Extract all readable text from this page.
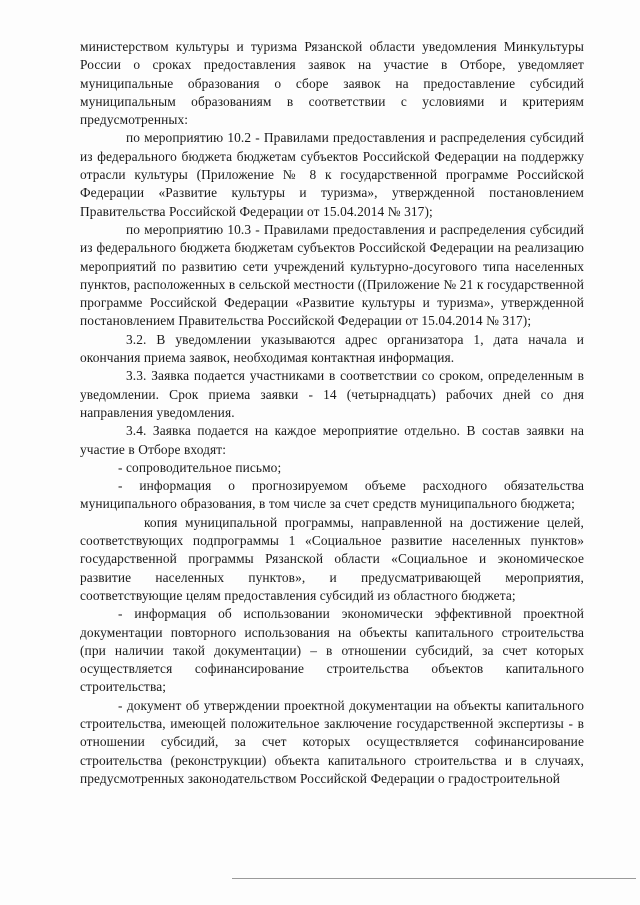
министерством культуры и туризма Рязанской области уведомления Минкультуры России о сроках предоставления заявок на участие в Отборе, уведомляет муниципальные образования о сборе заявок на предоставление субсидий муниципальным образованиям в соответствии с условиями и критериям предусмотренных:

по мероприятию 10.2 - Правилами предоставления и распределения субсидий из федерального бюджета бюджетам субъектов Российской Федерации на поддержку отрасли культуры (Приложение № 8 к государственной программе Российской Федерации «Развитие культуры и туризма», утвержденной постановлением Правительства Российской Федерации от 15.04.2014 № 317);

по мероприятию 10.3 - Правилами предоставления и распределения субсидий из федерального бюджета бюджетам субъектов Российской Федерации на реализацию мероприятий по развитию сети учреждений культурно-досугового типа населенных пунктов, расположенных в сельской местности ((Приложение № 21 к государственной программе Российской Федерации «Развитие культуры и туризма», утвержденной постановлением Правительства Российской Федерации от 15.04.2014 № 317);

3.2. В уведомлении указываются адрес организатора 1, дата начала и окончания приема заявок, необходимая контактная информация.

3.3. Заявка подается участниками в соответствии со сроком, определенным в уведомлении. Срок приема заявки - 14 (четырнадцать) рабочих дней со дня направления уведомления.

3.4. Заявка подается на каждое мероприятие отдельно. В состав заявки на участие в Отборе входят:

- сопроводительное письмо;

- информация о прогнозируемом объеме расходного обязательства муниципального образования, в том числе за счет средств муниципального бюджета;

копия муниципальной программы, направленной на достижение целей, соответствующих подпрограммы 1 «Социальное развитие населенных пунктов» государственной программы Рязанской области «Социальное и экономическое развитие населенных пунктов», и предусматривающей мероприятия, соответствующие целям предоставления субсидий из областного бюджета;

- информация об использовании экономически эффективной проектной документации повторного использования на объекты капитального строительства (при наличии такой документации) – в отношении субсидий, за счет которых осуществляется софинансирование строительства объектов капитального строительства;

- документ об утверждении проектной документации на объекты капитального строительства, имеющей положительное заключение государственной экспертизы - в отношении субсидий, за счет которых осуществляется софинансирование строительства (реконструкции) объекта капитального строительства и в случаях, предусмотренных законодательством Российской Федерации о градостроительной
